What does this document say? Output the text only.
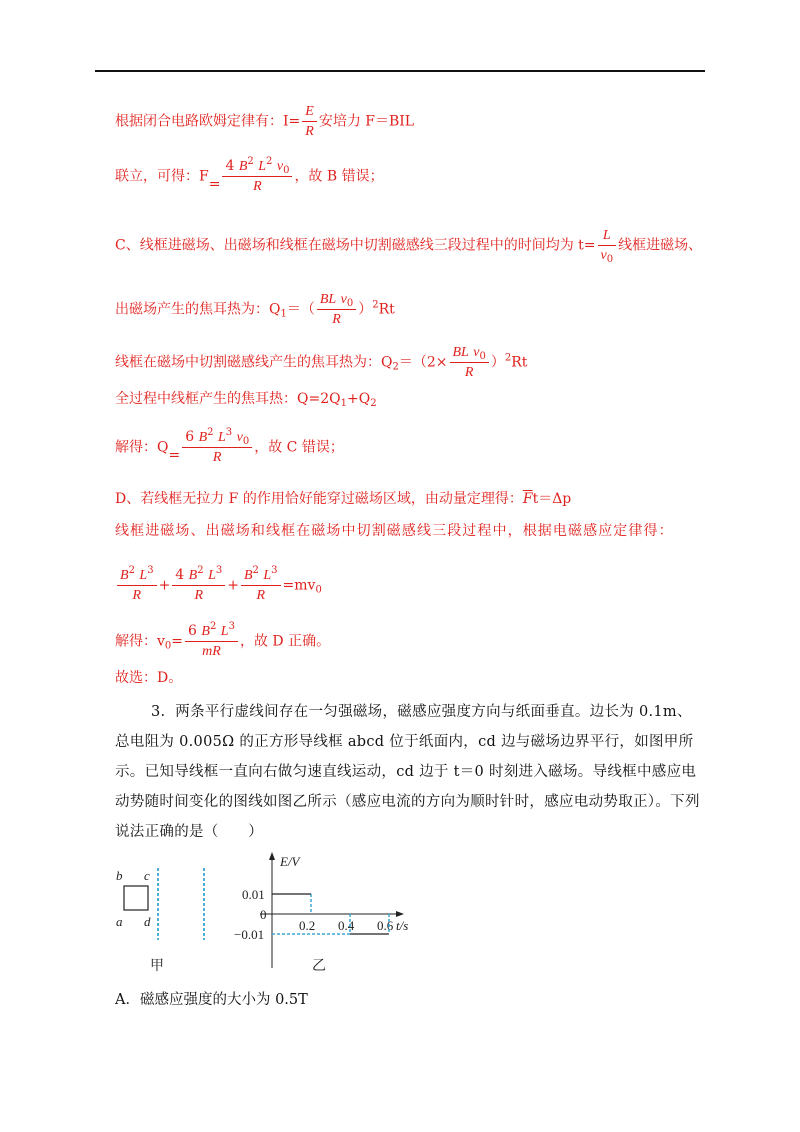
根据闭合电路欧姆定律有：$I= \frac{E}{R}$ 安培力 F＝BIL
联立，可得：$F= \frac{4 B^2 L^2 v_0}{R}$ ，故 B 错误；
C、线框进磁场、出磁场和线框在磁场中切割磁感线三段过程中的时间均为 $t= \frac{L}{v_0}$ 线框进磁场、
出磁场产生的焦耳热为：$Q_1=( \frac{BL v_0}{R} )^2Rt$
线框在磁场中切割磁感线产生的焦耳热为：$Q_2=(2\times \frac{BL v_0}{R} )^2Rt$
全过程中线框产生的焦耳热：$Q=2Q_1+Q_2$
解得：$Q= \frac{6 B^2 L^3 v_0}{R}$ ，故 C 错误；
D、若线框无拉力 F 的作用恰好能穿过磁场区域，由动量定理得：$\overline{F}t=\Delta p$
线框进磁场、出磁场和线框在磁场中切割磁感线三段过程中，根据电磁感应定律得：
$\frac{B^2 L^3}{R} + \frac{4 B^2 L^3}{R} + \frac{B^2 L^3}{R} =mv_0$
解得：$v_0= \frac{6 B^2 L^3}{mR}$ ，故 D 正确。
故选：D。
3. 两条平行虚线间存在一匀强磁场，磁感应强度方向与纸面垂直。边长为 0.1m、总电阻为 0.005Ω 的正方形导线框 abcd 位于纸面内，cd 边与磁场边界平行，如图甲所示。已知导线框一直向右做匀速直线运动，cd 边于 t＝0 时刻进入磁场。导线框中感应电动势随时间变化的图线如图乙所示（感应电流的方向为顺时针时，感应电动势取正）。下列说法正确的是（　　）
b c
a d
甲
E/V
t/s
0.01
0
−0.01
0.2 0.4 0.6
乙
A．磁感应强度的大小为 0.5T
